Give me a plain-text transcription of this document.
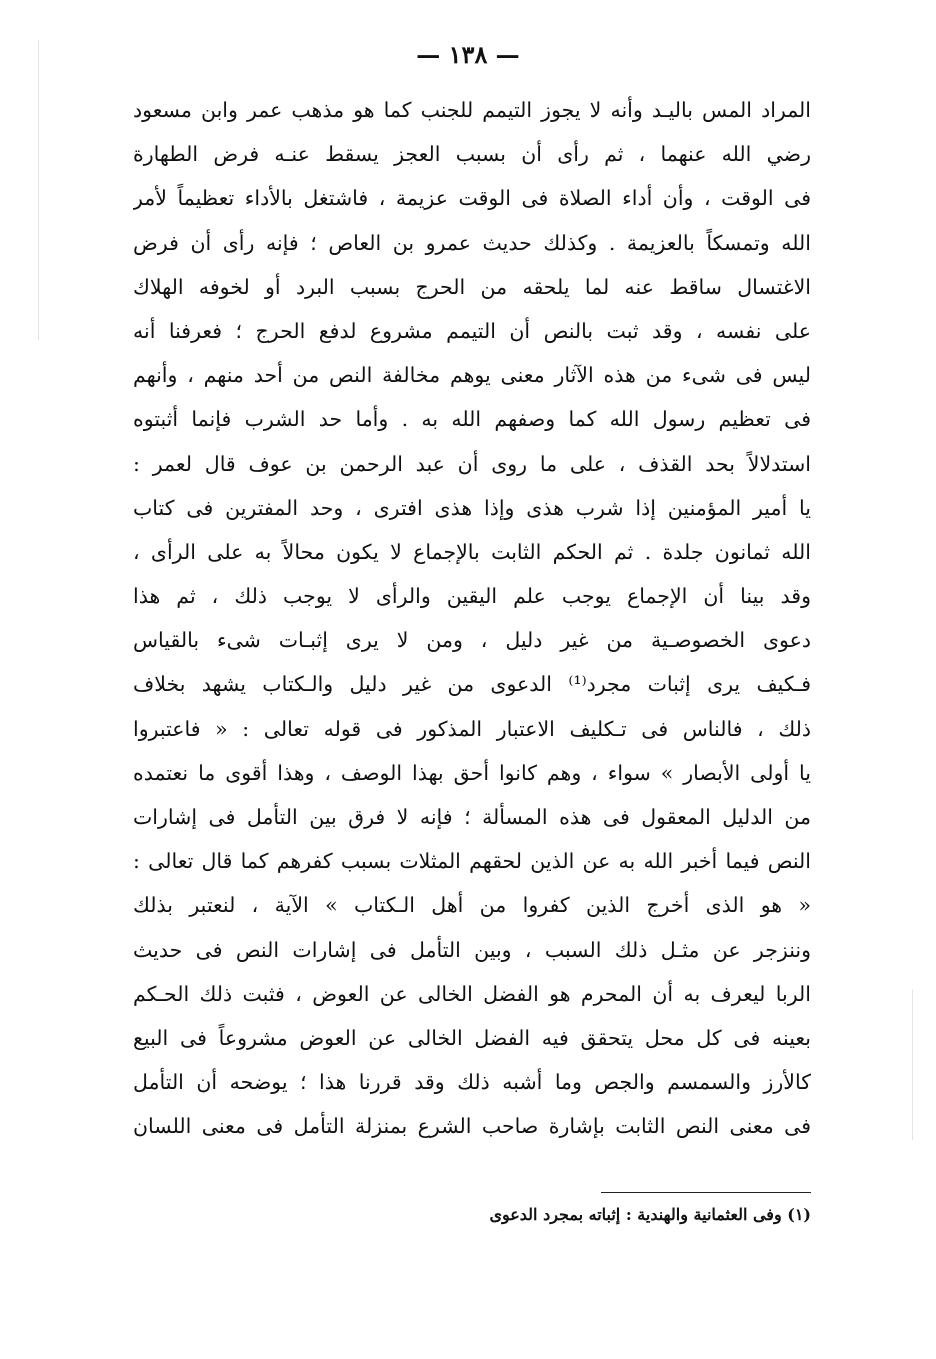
— ١٣٨ —
المراد المس باليـد وأنه لا يجوز التيمم للجنب كما هو مذهب عمر وابن مسعود
رضي الله عنهما ، ثم رأى أن بسبب العجز يسقط عنـه فرض الطهارة
فى الوقت ، وأن أداء الصلاة فى الوقت عزيمة ، فاشتغل بالأداء تعظيماً لأمر
الله وتمسكاً بالعزيمة . وكذلك حديث عمرو بن العاص ؛ فإنه رأى أن فرض
الاغتسال ساقط عنه لما يلحقه من الحرج بسبب البرد أو لخوفه الهلاك
على نفسه ، وقد ثبت بالنص أن التيمم مشروع لدفع الحرج ؛ فعرفنا أنه
ليس فى شىء من هذه الآثار معنى يوهم مخالفة النص من أحد منهم ، وأنهم
فى تعظيم رسول الله كما وصفهم الله به . وأما حد الشرب فإنما أثبتوه
استدلالاً بحد القذف ، على ما روى أن عبد الرحمن بن عوف قال لعمر :
يا أمير المؤمنين إذا شرب هذى وإذا هذى افترى ، وحد المفترين فى كتاب
الله ثمانون جلدة . ثم الحكم الثابت بالإجماع لا يكون محالاً به على الرأى ،
وقد بينا أن الإجماع يوجب علم اليقين والرأى لا يوجب ذلك ، ثم هذا
دعوى الخصوصـية من غير دليل ، ومن لا يرى إثبـات شىء بالقياس
فـكيف يرى إثبات مجرد⁽¹⁾ الدعوى من غير دليل والـكتاب يشهد بخلاف
ذلك ، فالناس فى تـكليف الاعتبار المذكور فى قوله تعالى : « فاعتبروا
يا أولى الأبصار » سواء ، وهم كانوا أحق بهذا الوصف ، وهذا أقوى ما نعتمده
من الدليل المعقول فى هذه المسألة ؛ فإنه لا فرق بين التأمل فى إشارات
النص فيما أخبر الله به عن الذين لحقهم المثلات بسبب كفرهم كما قال تعالى :
« هو الذى أخرج الذين كفروا من أهل الـكتاب » الآية ، لنعتبر بذلك
وننزجر عن مثـل ذلك السبب ، وبين التأمل فى إشارات النص فى حديث
الربا ليعرف به أن المحرم هو الفضل الخالى عن العوض ، فثبت ذلك الحـكم
بعينه فى كل محل يتحقق فيه الفضل الخالى عن العوض مشروعاً فى البيع
كالأرز والسمسم والجص وما أشبه ذلك وقد قررنا هذا ؛ يوضحه أن التأمل
فى معنى النص الثابت بإشارة صاحب الشرع بمنزلة التأمل فى معنى اللسان
(١) وفى العثمانية والهندية : إثباته بمجرد الدعوى
